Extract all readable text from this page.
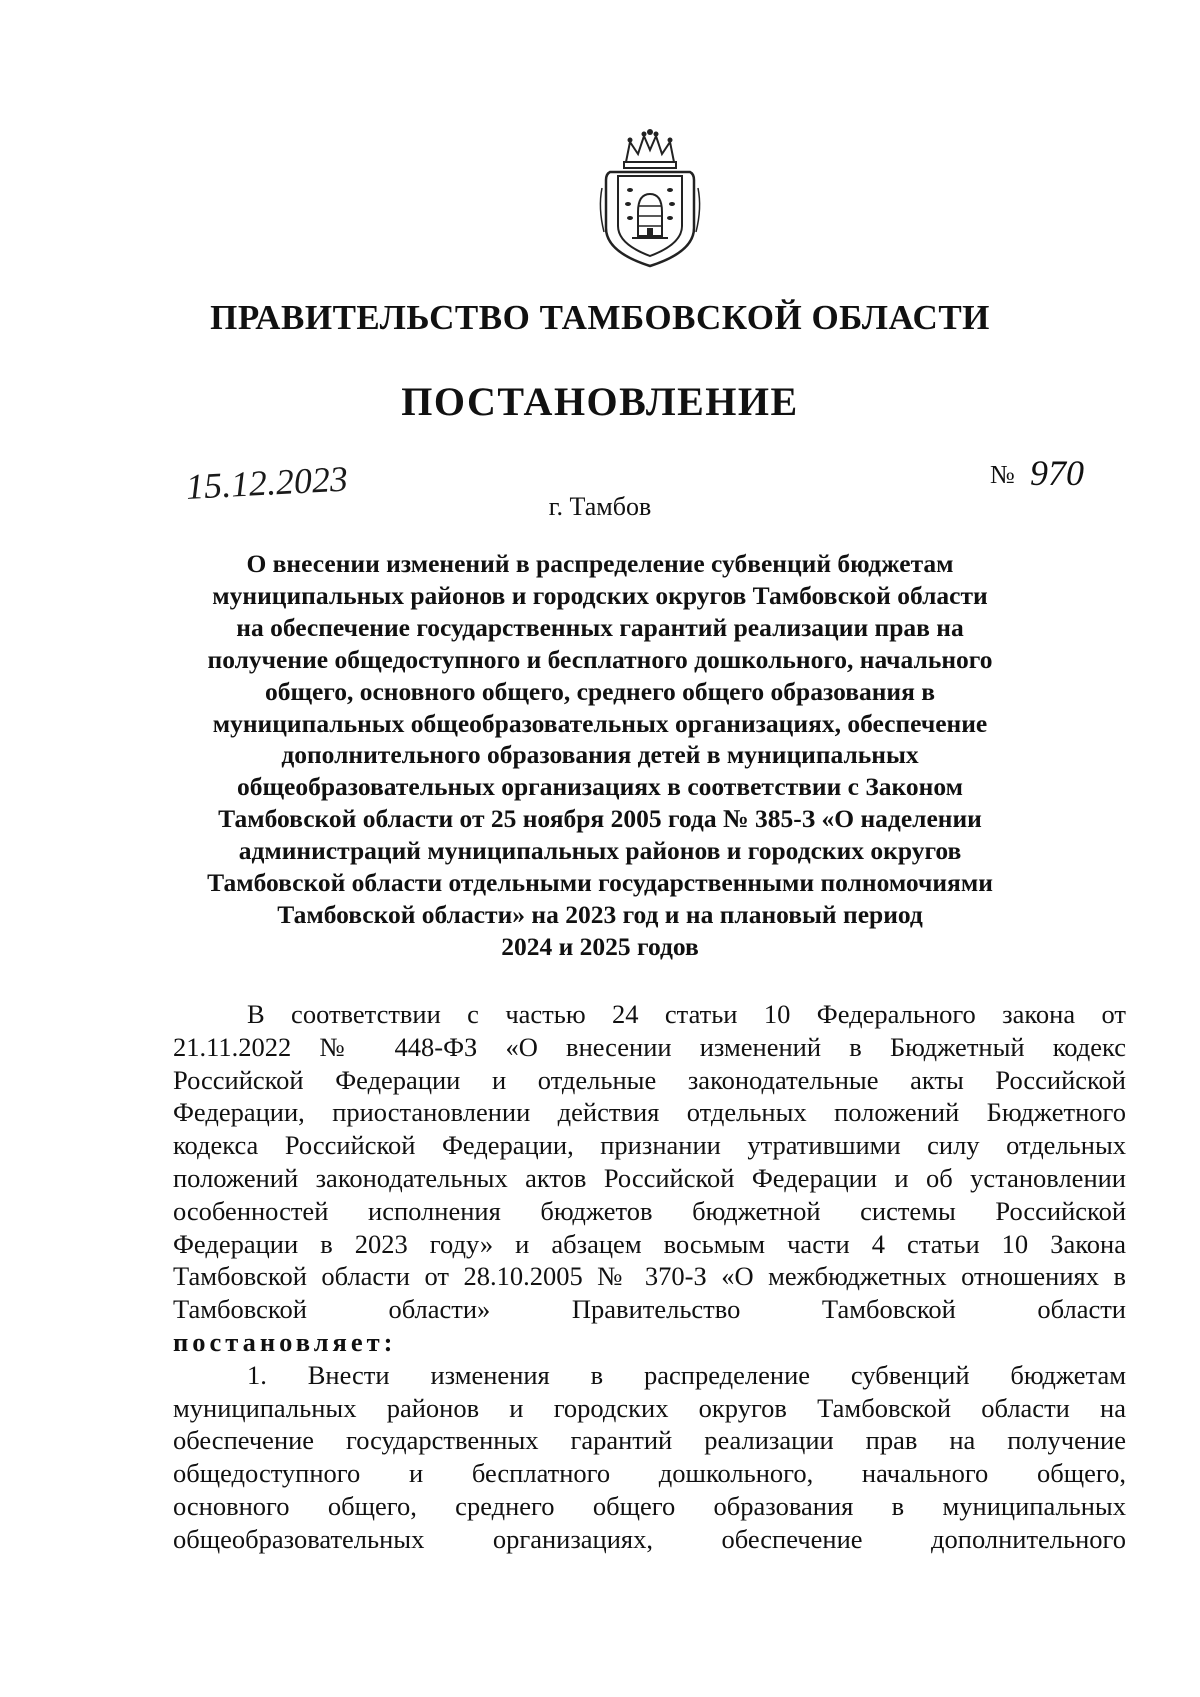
ПРАВИТЕЛЬСТВО ТАМБОВСКОЙ ОБЛАСТИ
ПОСТАНОВЛЕНИЕ
15.12.2023	№ 970
г. Тамбов
О внесении изменений в распределение субвенций бюджетам
муниципальных районов и городских округов Тамбовской области
на обеспечение государственных гарантий реализации прав на
получение общедоступного и бесплатного дошкольного, начального
общего, основного общего, среднего общего образования в
муниципальных общеобразовательных организациях, обеспечение
дополнительного образования детей в муниципальных
общеобразовательных организациях в соответствии с Законом
Тамбовской области от 25 ноября 2005 года № 385-З «О наделении
администраций муниципальных районов и городских округов
Тамбовской области отдельными государственными полномочиями
Тамбовской области» на 2023 год и на плановый период
2024 и 2025 годов

В соответствии с частью 24 статьи 10 Федерального закона от

21.11.2022 № 448-ФЗ «О внесении изменений в Бюджетный кодекс

Российской Федерации и отдельные законодательные акты Российской

Федерации, приостановлении действия отдельных положений Бюджетного

кодекса Российской Федерации, признании утратившими силу отдельных

положений законодательных актов Российской Федерации и об установлении

особенностей исполнения бюджетов бюджетной системы Российской

Федерации в 2023 году» и абзацем восьмым части 4 статьи 10 Закона

Тамбовской области от 28.10.2005 № 370-З «О межбюджетных отношениях в

Тамбовской области» Правительство Тамбовской области

постановляет:

1. Внести изменения в распределение субвенций бюджетам

муниципальных районов и городских округов Тамбовской области на

обеспечение государственных гарантий реализации прав на получение

общедоступного и бесплатного дошкольного, начального общего,

основного общего, среднего общего образования в муниципальных

общеобразовательных организациях, обеспечение дополнительного
